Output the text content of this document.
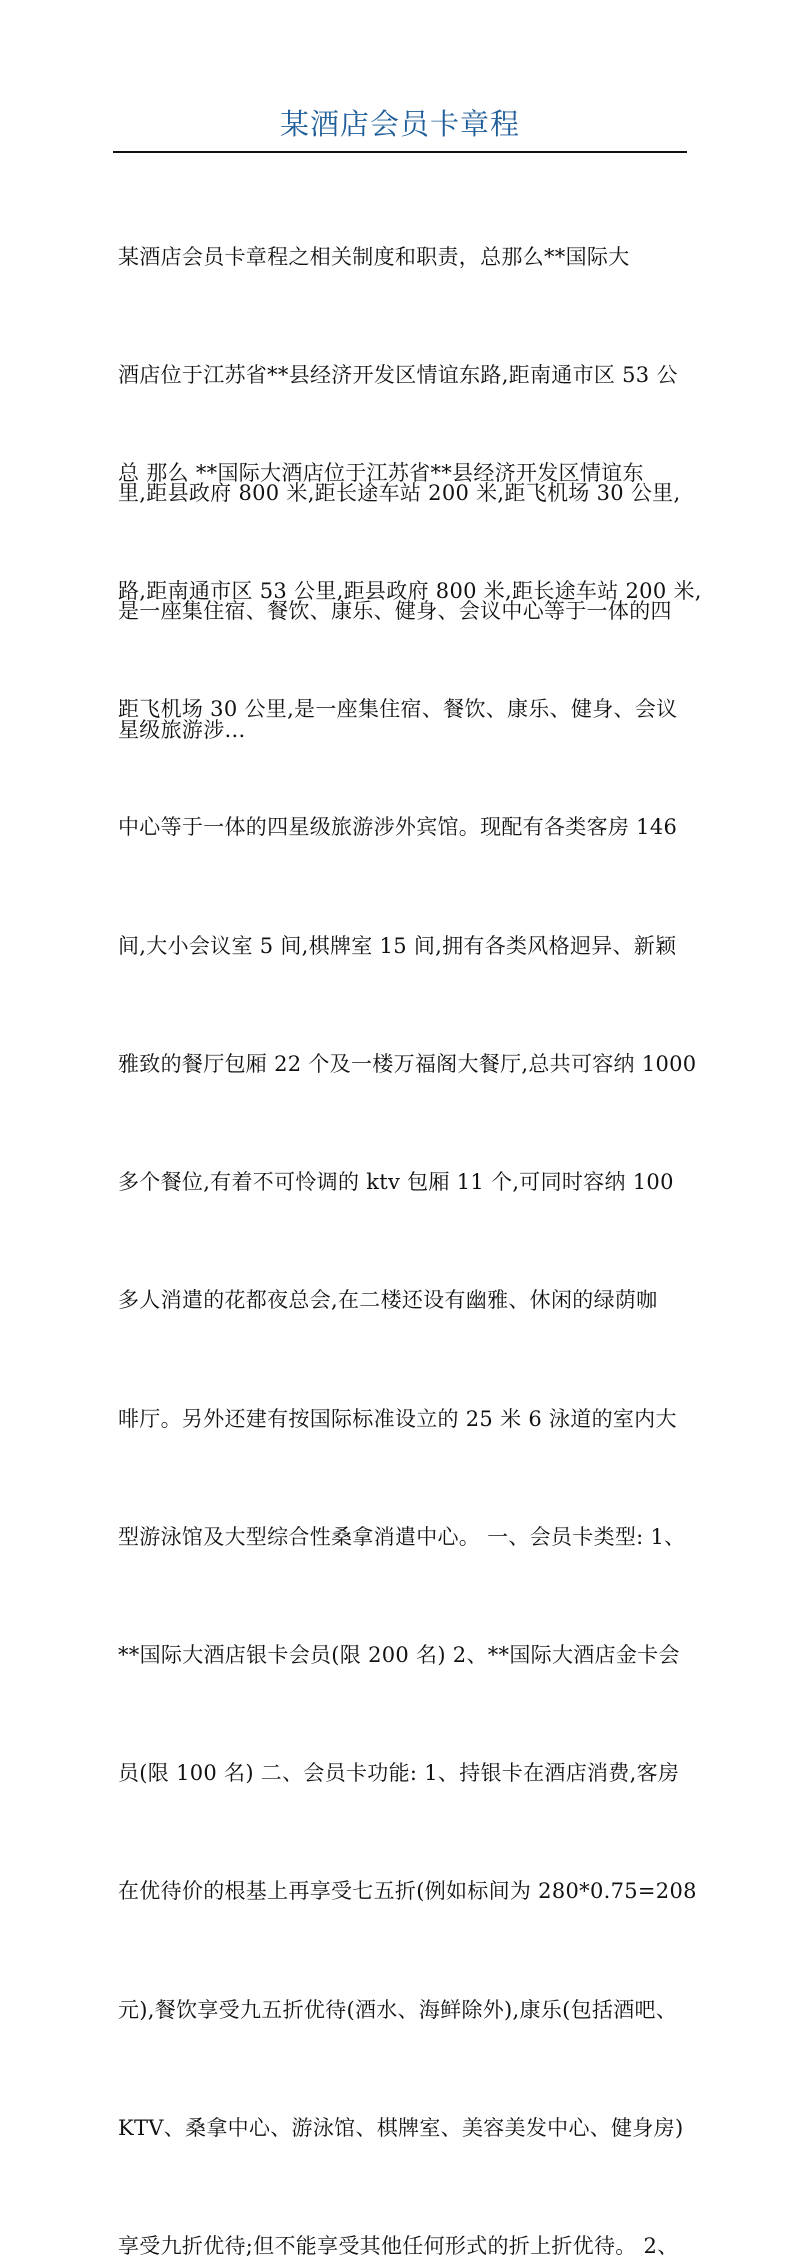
某酒店会员卡章程

某酒店会员卡章程之相关制度和职责，总那么**国际大

酒店位于江苏省**县经济开发区情谊东路,距南通市区 53 公

里,距县政府 800 米,距长途车站 200 米,距飞机场 30 公里,

是一座集住宿、餐饮、康乐、健身、会议中心等于一体的四

星级旅游涉...

总 那么 **国际大酒店位于江苏省**县经济开发区情谊东

路,距南通市区 53 公里,距县政府 800 米,距长途车站 200 米,

距飞机场 30 公里,是一座集住宿、餐饮、康乐、健身、会议

中心等于一体的四星级旅游涉外宾馆。现配有各类客房 146

间,大小会议室 5 间,棋牌室 15 间,拥有各类风格迥异、新颖

雅致的餐厅包厢 22 个及一楼万福阁大餐厅,总共可容纳 1000

多个餐位,有着不可怜调的 ktv 包厢 11 个,可同时容纳 100

多人消遣的花都夜总会,在二楼还设有幽雅、休闲的绿荫咖

啡厅。另外还建有按国际标准设立的 25 米 6 泳道的室内大

型游泳馆及大型综合性桑拿消遣中心。 一、会员卡类型: 1、

**国际大酒店银卡会员(限 200 名) 2、**国际大酒店金卡会

员(限 100 名) 二、会员卡功能: 1、持银卡在酒店消费,客房

在优待价的根基上再享受七五折(例如标间为 280*0.75=208

元),餐饮享受九五折优待(酒水、海鲜除外),康乐(包括酒吧、

KTV、桑拿中心、游泳馆、棋牌室、美容美发中心、健身房)

享受九折优待;但不能享受其他任何形式的折上折优待。 2、
